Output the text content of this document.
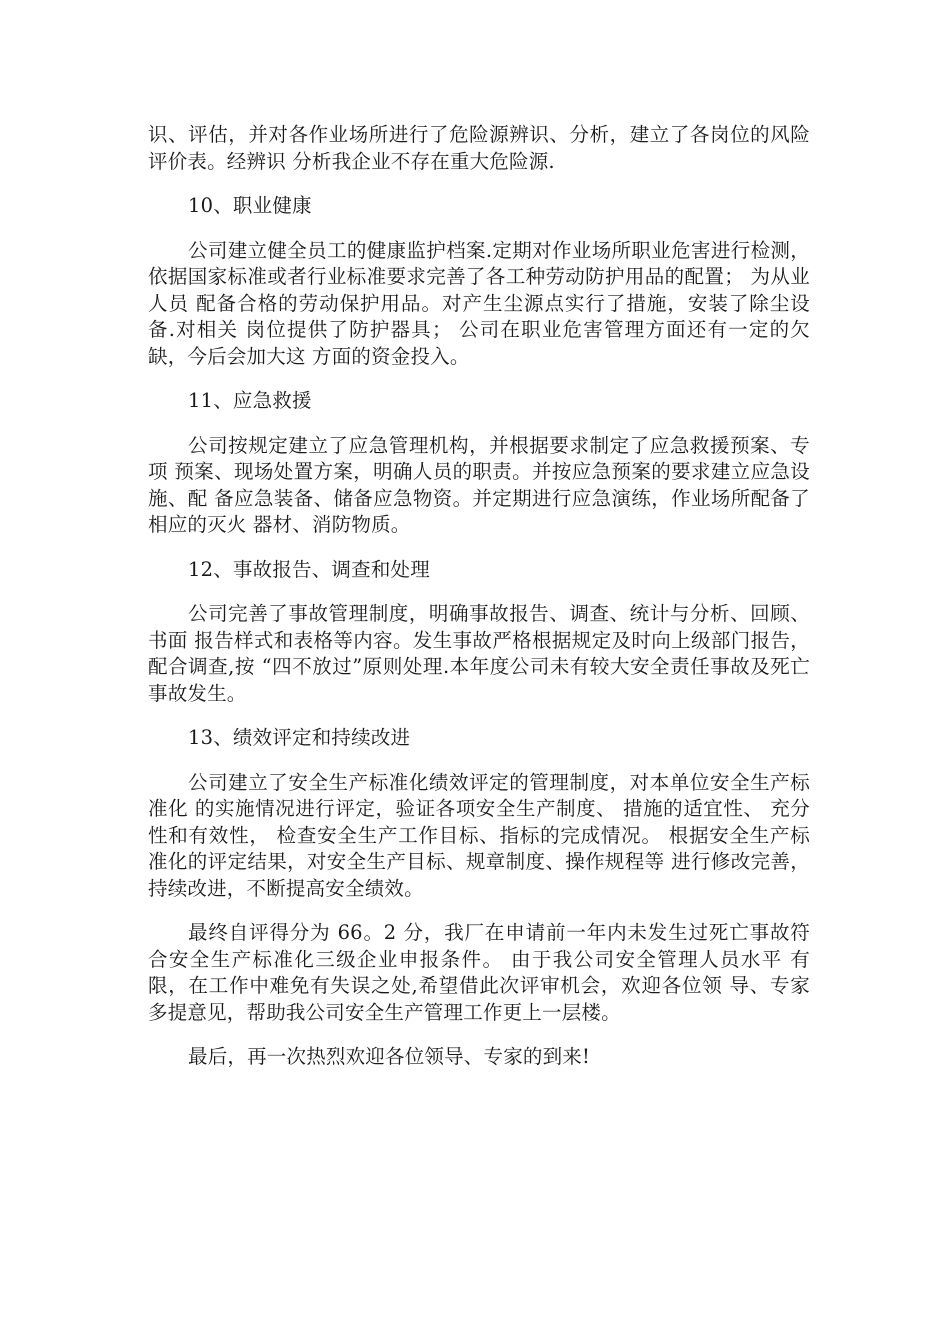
识、评估，并对各作业场所进行了危险源辨识、分析，建立了各岗位的风险评价表。经辨识 分析我企业不存在重大危险源.

10、职业健康

公司建立健全员工的健康监护档案.定期对作业场所职业危害进行检测， 依据国家标准或者行业标准要求完善了各工种劳动防护用品的配置； 为从业人员 配备合格的劳动保护用品。对产生尘源点实行了措施，安装了除尘设备.对相关 岗位提供了防护器具； 公司在职业危害管理方面还有一定的欠缺，今后会加大这 方面的资金投入。

11、应急救援

公司按规定建立了应急管理机构，并根据要求制定了应急救援预案、专项 预案、现场处置方案，明确人员的职责。并按应急预案的要求建立应急设施、配 备应急装备、储备应急物资。并定期进行应急演练，作业场所配备了相应的灭火 器材、消防物质。

12、事故报告、调查和处理

公司完善了事故管理制度，明确事故报告、调查、统计与分析、回顾、书面 报告样式和表格等内容。发生事故严格根据规定及时向上级部门报告， 配合调查,按 “四不放过”原则处理.本年度公司未有较大安全责任事故及死亡事故发生。

13、绩效评定和持续改进

公司建立了安全生产标准化绩效评定的管理制度，对本单位安全生产标准化 的实施情况进行评定，验证各项安全生产制度、 措施的适宜性、 充分性和有效性， 检查安全生产工作目标、指标的完成情况。 根据安全生产标准化的评定结果，对安全生产目标、规章制度、操作规程等 进行修改完善，持续改进，不断提高安全绩效。

最终自评得分为 66。2 分，我厂在申请前一年内未发生过死亡事故符 合安全生产标准化三级企业申报条件。 由于我公司安全管理人员水平 有限，在工作中难免有失误之处,希望借此次评审机会，欢迎各位领 导、专家多提意见，帮助我公司安全生产管理工作更上一层楼。

最后，再一次热烈欢迎各位领导、专家的到来!
